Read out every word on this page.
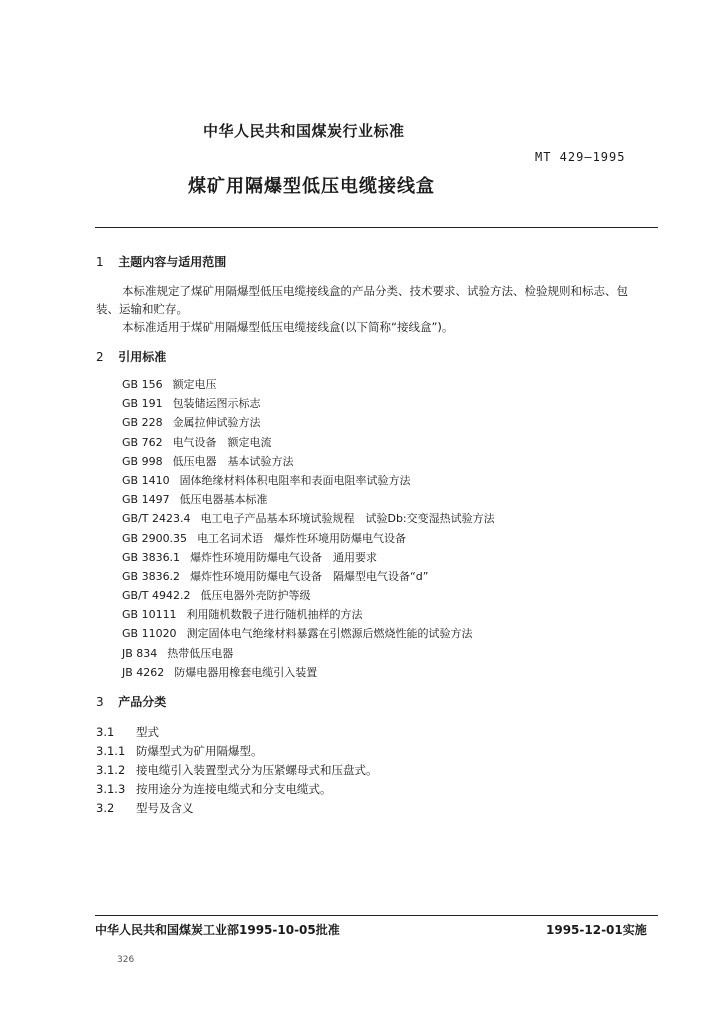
中华人民共和国煤炭行业标准
MT 429—1995
煤矿用隔爆型低压电缆接线盒
1 主题内容与适用范围
本标准规定了煤矿用隔爆型低压电缆接线盒的产品分类、技术要求、试验方法、检验规则和标志、包
装、运输和贮存。
本标准适用于煤矿用隔爆型低压电缆接线盒(以下简称“接线盒”)。
2 引用标准
GB 156 额定电压
GB 191 包装储运图示标志
GB 228 金属拉伸试验方法
GB 762 电气设备　额定电流
GB 998 低压电器　基本试验方法
GB 1410 固体绝缘材料体积电阻率和表面电阻率试验方法
GB 1497 低压电器基本标准
GB/T 2423.4 电工电子产品基本环境试验规程　试验Db:交变湿热试验方法
GB 2900.35 电工名词术语　爆炸性环境用防爆电气设备
GB 3836.1 爆炸性环境用防爆电气设备　通用要求
GB 3836.2 爆炸性环境用防爆电气设备　隔爆型电气设备“d”
GB/T 4942.2 低压电器外壳防护等级
GB 10111 利用随机数骰子进行随机抽样的方法
GB 11020 测定固体电气绝缘材料暴露在引燃源后燃烧性能的试验方法
JB 834 热带低压电器
JB 4262 防爆电器用橡套电缆引入装置
3 产品分类
3.1 型式
3.1.1 防爆型式为矿用隔爆型。
3.1.2 接电缆引入装置型式分为压紧螺母式和压盘式。
3.1.3 按用途分为连接电缆式和分支电缆式。
3.2 型号及含义
中华人民共和国煤炭工业部1995-10-05批准	1995-12-01实施
326
